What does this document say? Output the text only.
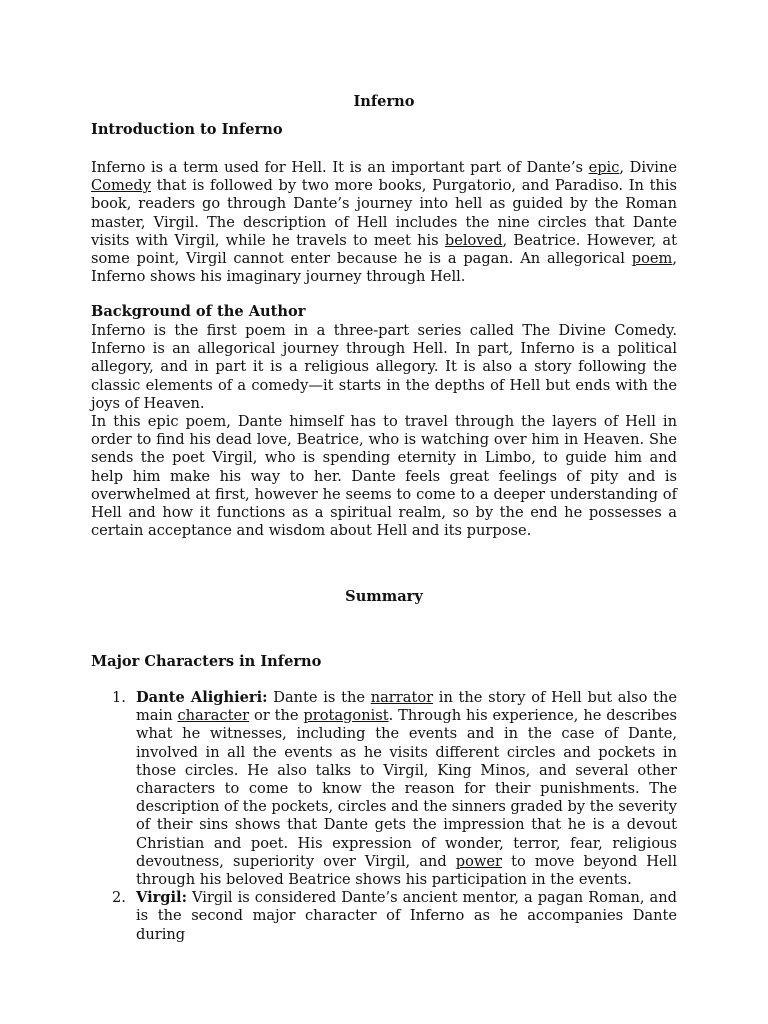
Inferno
Introduction to Inferno

Inferno is a term used for Hell. It is an important part of Dante’s epic, Divine Comedy that is followed by two more books, Purgatorio, and Paradiso. In this book, readers go through Dante’s journey into hell as guided by the Roman master, Virgil. The description of Hell includes the nine circles that Dante visits with Virgil, while he travels to meet his beloved, Beatrice. However, at some point, Virgil cannot enter because he is a pagan. An allegorical poem, Inferno shows his imaginary journey through Hell.

Background of the Author

Inferno is the first poem in a three-part series called The Divine Comedy. Inferno is an allegorical journey through Hell. In part, Inferno is a political allegory, and in part it is a religious allegory. It is also a story following the classic elements of a comedy—it starts in the depths of Hell but ends with the joys of Heaven.

In this epic poem, Dante himself has to travel through the layers of Hell in order to find his dead love, Beatrice, who is watching over him in Heaven. She sends the poet Virgil, who is spending eternity in Limbo, to guide him and help him make his way to her. Dante feels great feelings of pity and is overwhelmed at first, however he seems to come to a deeper understanding of Hell and how it functions as a spiritual realm, so by the end he possesses a certain acceptance and wisdom about Hell and its purpose.

Summary
Major Characters in Inferno
1. Dante Alighieri: Dante is the narrator in the story of Hell but also the main character or the protagonist. Through his experience, he describes what he witnesses, including the events and in the case of Dante, involved in all the events as he visits different circles and pockets in those circles. He also talks to Virgil, King Minos, and several other characters to come to know the reason for their punishments. The description of the pockets, circles and the sinners graded by the severity of their sins shows that Dante gets the impression that he is a devout Christian and poet. His expression of wonder, terror, fear, religious devoutness, superiority over Virgil, and power to move beyond Hell through his beloved Beatrice shows his participation in the events.
2. Virgil: Virgil is considered Dante’s ancient mentor, a pagan Roman, and is the second major character of Inferno as he accompanies Dante during
